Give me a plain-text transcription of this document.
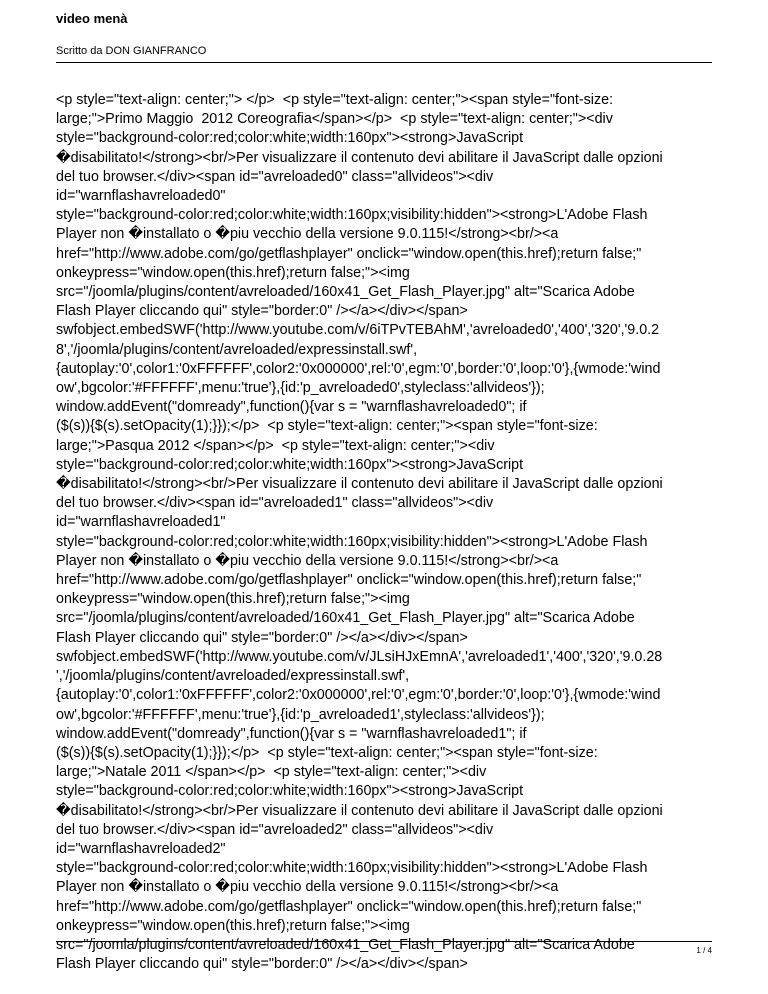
video menà
Scritto da DON GIANFRANCO
<p style="text-align: center;"> </p>  <p style="text-align: center;"><span style="font-size:
large;">Primo Maggio  2012 Coreografia</span></p>  <p style="text-align: center;"><div
style="background-color:red;color:white;width:160px"><strong>JavaScript
�disabilitato!</strong><br/>Per visualizzare il contenuto devi abilitare il JavaScript dalle opzioni
del tuo browser.</div><span id="avreloaded0" class="allvideos"><div
id="warnflashavreloaded0"
style="background-color:red;color:white;width:160px;visibility:hidden"><strong>L'Adobe Flash
Player non �installato o �piu vecchio della versione 9.0.115!</strong><br/><a
href="http://www.adobe.com/go/getflashplayer" onclick="window.open(this.href);return false;"
onkeypress="window.open(this.href);return false;"><img
src="/joomla/plugins/content/avreloaded/160x41_Get_Flash_Player.jpg" alt="Scarica Adobe
Flash Player cliccando qui" style="border:0" /></a></div></span>
swfobject.embedSWF('http://www.youtube.com/v/6iTPvTEBAhM','avreloaded0','400','320','9.0.2
8','/joomla/plugins/content/avreloaded/expressinstall.swf',
{autoplay:'0',color1:'0xFFFFFF',color2:'0x000000',rel:'0',egm:'0',border:'0',loop:'0'},{wmode:'wind
ow',bgcolor:'#FFFFFF',menu:'true'},{id:'p_avreloaded0',styleclass:'allvideos'});
window.addEvent("domready",function(){var s = "warnflashavreloaded0"; if
($(s)){$(s).setOpacity(1);}});</p>  <p style="text-align: center;"><span style="font-size:
large;">Pasqua 2012 </span></p>  <p style="text-align: center;"><div
style="background-color:red;color:white;width:160px"><strong>JavaScript
�disabilitato!</strong><br/>Per visualizzare il contenuto devi abilitare il JavaScript dalle opzioni
del tuo browser.</div><span id="avreloaded1" class="allvideos"><div
id="warnflashavreloaded1"
style="background-color:red;color:white;width:160px;visibility:hidden"><strong>L'Adobe Flash
Player non �installato o �piu vecchio della versione 9.0.115!</strong><br/><a
href="http://www.adobe.com/go/getflashplayer" onclick="window.open(this.href);return false;"
onkeypress="window.open(this.href);return false;"><img
src="/joomla/plugins/content/avreloaded/160x41_Get_Flash_Player.jpg" alt="Scarica Adobe
Flash Player cliccando qui" style="border:0" /></a></div></span>
swfobject.embedSWF('http://www.youtube.com/v/JLsiHJxEmnA','avreloaded1','400','320','9.0.28
','/joomla/plugins/content/avreloaded/expressinstall.swf',
{autoplay:'0',color1:'0xFFFFFF',color2:'0x000000',rel:'0',egm:'0',border:'0',loop:'0'},{wmode:'wind
ow',bgcolor:'#FFFFFF',menu:'true'},{id:'p_avreloaded1',styleclass:'allvideos'});
window.addEvent("domready",function(){var s = "warnflashavreloaded1"; if
($(s)){$(s).setOpacity(1);}});</p>  <p style="text-align: center;"><span style="font-size:
large;">Natale 2011 </span></p>  <p style="text-align: center;"><div
style="background-color:red;color:white;width:160px"><strong>JavaScript
�disabilitato!</strong><br/>Per visualizzare il contenuto devi abilitare il JavaScript dalle opzioni
del tuo browser.</div><span id="avreloaded2" class="allvideos"><div
id="warnflashavreloaded2"
style="background-color:red;color:white;width:160px;visibility:hidden"><strong>L'Adobe Flash
Player non �installato o �piu vecchio della versione 9.0.115!</strong><br/><a
href="http://www.adobe.com/go/getflashplayer" onclick="window.open(this.href);return false;"
onkeypress="window.open(this.href);return false;"><img
src="/joomla/plugins/content/avreloaded/160x41_Get_Flash_Player.jpg" alt="Scarica Adobe
Flash Player cliccando qui" style="border:0" /></a></div></span>
1 / 4
